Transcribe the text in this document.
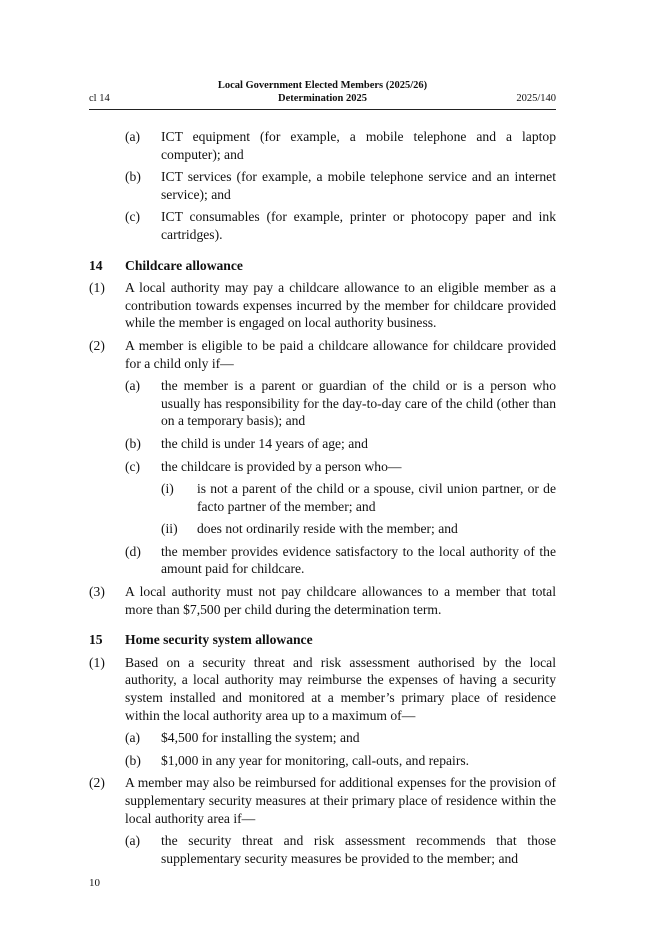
Local Government Elected Members (2025/26)
Determination 2025
cl 14	2025/140
(a)	ICT equipment (for example, a mobile telephone and a laptop computer); and
(b)	ICT services (for example, a mobile telephone service and an internet service); and
(c)	ICT consumables (for example, printer or photocopy paper and ink cartridges).
14	Childcare allowance
(1)	A local authority may pay a childcare allowance to an eligible member as a contribution towards expenses incurred by the member for childcare provided while the member is engaged on local authority business.
(2)	A member is eligible to be paid a childcare allowance for childcare provided for a child only if—
(a)	the member is a parent or guardian of the child or is a person who usually has responsibility for the day-to-day care of the child (other than on a temporary basis); and
(b)	the child is under 14 years of age; and
(c)	the childcare is provided by a person who—
(i)	is not a parent of the child or a spouse, civil union partner, or de facto partner of the member; and
(ii)	does not ordinarily reside with the member; and
(d)	the member provides evidence satisfactory to the local authority of the amount paid for childcare.
(3)	A local authority must not pay childcare allowances to a member that total more than $7,500 per child during the determination term.
15	Home security system allowance
(1)	Based on a security threat and risk assessment authorised by the local authority, a local authority may reimburse the expenses of having a security system installed and monitored at a member’s primary place of residence within the local authority area up to a maximum of—
(a)	$4,500 for installing the system; and
(b)	$1,000 in any year for monitoring, call-outs, and repairs.
(2)	A member may also be reimbursed for additional expenses for the provision of supplementary security measures at their primary place of residence within the local authority area if—
(a)	the security threat and risk assessment recommends that those supplementary security measures be provided to the member; and
10
